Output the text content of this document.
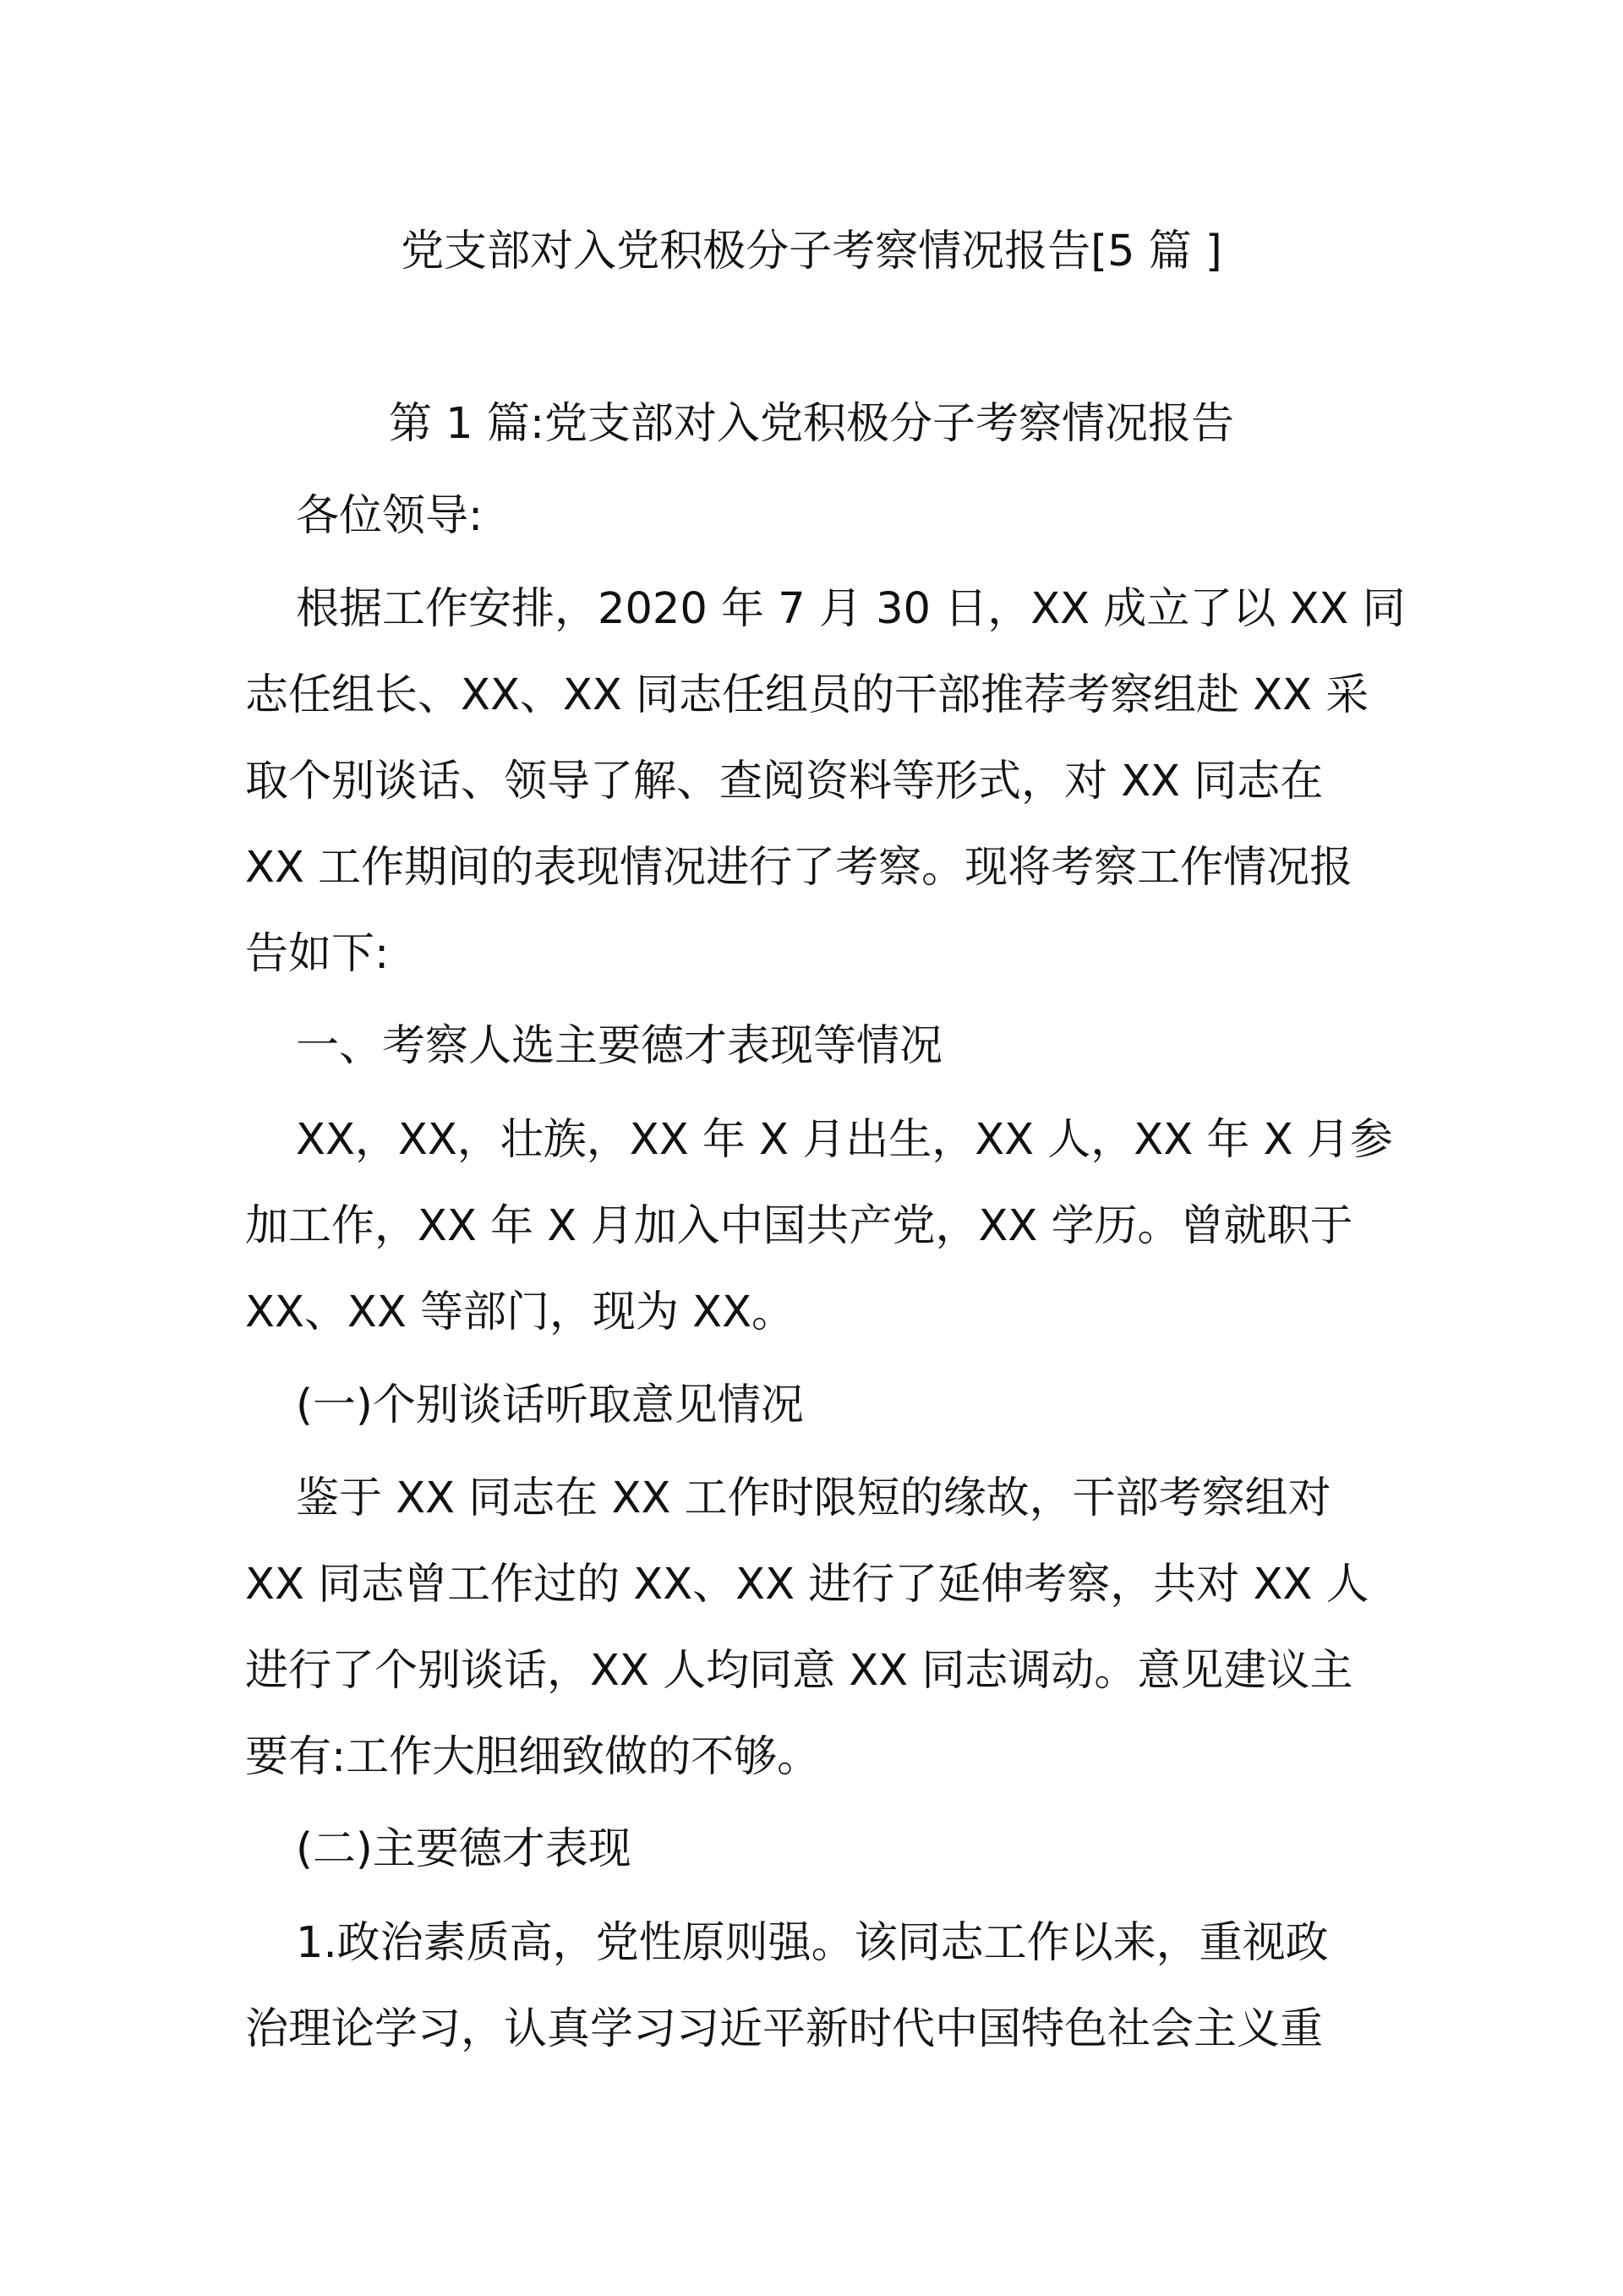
党支部对入党积极分子考察情况报告[5 篇 ]
第 1 篇:党支部对入党积极分子考察情况报告
各位领导:
根据工作安排，2020 年 7 月 30 日，XX 成立了以 XX 同
志任组长、XX、XX 同志任组员的干部推荐考察组赴 XX 采
取个别谈话、领导了解、查阅资料等形式，对 XX 同志在
XX 工作期间的表现情况进行了考察。现将考察工作情况报
告如下:
一、考察人选主要德才表现等情况
XX，XX，壮族，XX 年 X 月出生，XX 人，XX 年 X 月参
加工作，XX 年 X 月加入中国共产党，XX 学历。曾就职于
XX、XX 等部门，现为 XX。
(一)个别谈话听取意见情况
鉴于 XX 同志在 XX 工作时限短的缘故，干部考察组对
XX 同志曾工作过的 XX、XX 进行了延伸考察，共对 XX 人
进行了个别谈话，XX 人均同意 XX 同志调动。意见建议主
要有:工作大胆细致做的不够。
(二)主要德才表现
1.政治素质高，党性原则强。该同志工作以来，重视政
治理论学习，认真学习习近平新时代中国特色社会主义重
